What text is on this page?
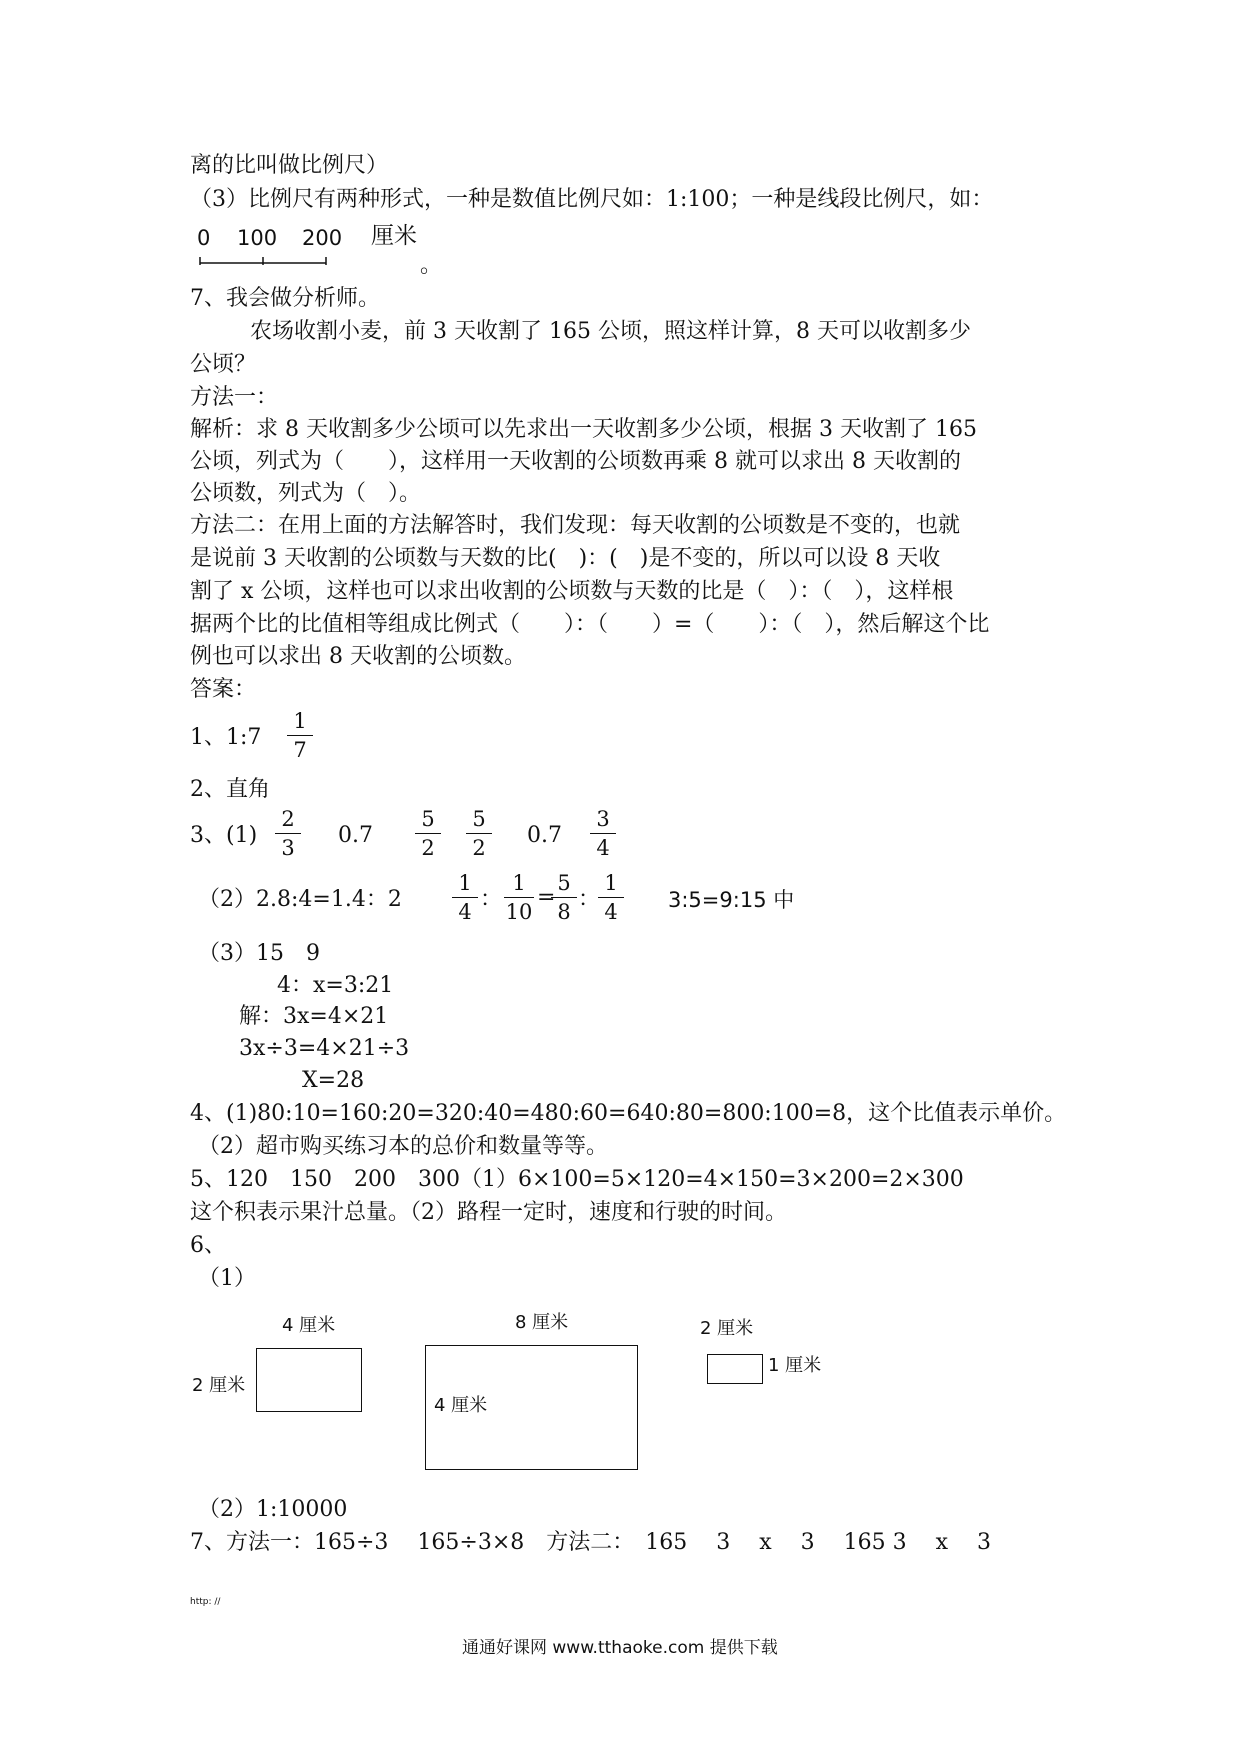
离的比叫做比例尺）
（3）比例尺有两种形式，一种是数值比例尺如：1:100；一种是线段比例尺，如：
0 100 200 厘米
。
7、我会做分析师。
农场收割小麦，前 3 天收割了 165 公顷，照这样计算，8 天可以收割多少
公顷？
方法一：
解析：求 8 天收割多少公顷可以先求出一天收割多少公顷，根据 3 天收割了 165
公顷，列式为（　　），这样用一天收割的公顷数再乘 8 就可以求出 8 天收割的
公顷数，列式为（　）。
方法二：在用上面的方法解答时，我们发现：每天收割的公顷数是不变的，也就
是说前 3 天收割的公顷数与天数的比(　)：(　)是不变的，所以可以设 8 天收
割了 x 公顷，这样也可以求出收割的公顷数与天数的比是（　）：（　），这样根
据两个比的比值相等组成比例式（　　）：（　　）=（　　）：（　），然后解这个比
例也可以求出 8 天收割的公顷数。
答案：
1、1:7 $\frac{1}{7}$
2、直角
3、$(1) \frac{2}{3} 0.7 \frac{5}{2} \frac{5}{2} 0.7 \frac{3}{4}$
（2）2.8:4=1.4：$2 \frac{1}{4}$ ： $\frac{1}{10}$ =
$\frac{5}{8}$ ：
$\frac{1}{4}$ 3:5=9:15 中
（3）15　9
4：x=3:21
解：3x=4×21
3x÷3=4×21÷3
X=28
4、(1)80:10=160:20=320:40=480:60=640:80=800:100=8，这个比值表示单价。
（2）超市购买练习本的总价和数量等等。
5、120　150　200　300（1）6×100=5×120=4×150=3×200=2×300
这个积表示果汁总量。（2）路程一定时，速度和行驶的时间。
6、
（1）
4 厘米
2 厘米
8 厘米
4 厘米
2 厘米
1 厘米
（2）1:10000
7、方法一：165÷3　 165÷3×8　方法二：　165　 3　 x　 3　 165 3　 x　 3
http: //
通通好课网 www.tthaoke.com 提供下载
